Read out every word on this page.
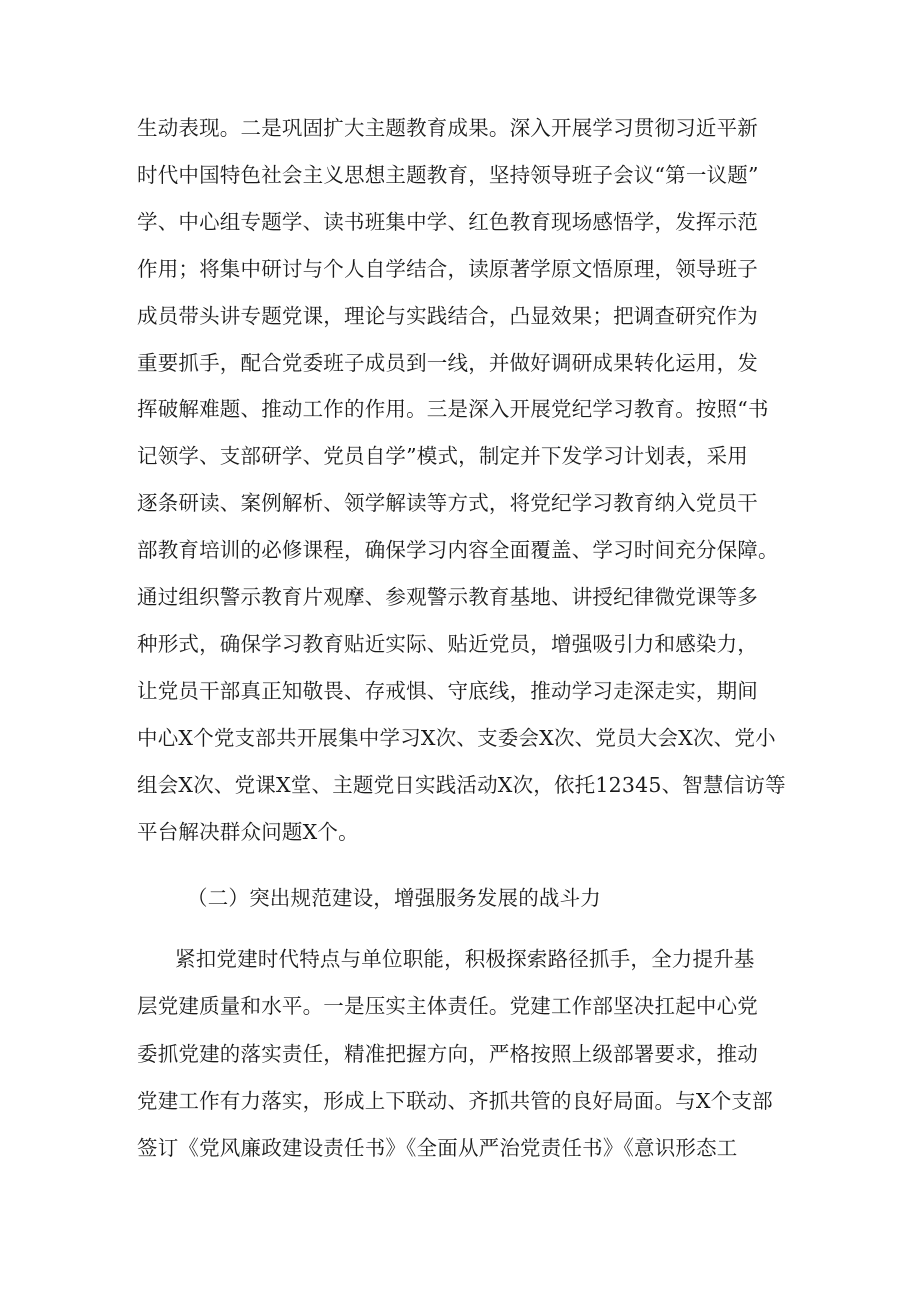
生动表现。二是巩固扩大主题教育成果。深入开展学习贯彻习近平新
时代中国特色社会主义思想主题教育，坚持领导班子会议“第一议题”
学、中心组专题学、读书班集中学、红色教育现场感悟学，发挥示范
作用；将集中研讨与个人自学结合，读原著学原文悟原理，领导班子
成员带头讲专题党课，理论与实践结合，凸显效果；把调查研究作为
重要抓手，配合党委班子成员到一线，并做好调研成果转化运用，发
挥破解难题、推动工作的作用。三是深入开展党纪学习教育。按照“书
记领学、支部研学、党员自学”模式，制定并下发学习计划表，采用
逐条研读、案例解析、领学解读等方式，将党纪学习教育纳入党员干
部教育培训的必修课程，确保学习内容全面覆盖、学习时间充分保障。
通过组织警示教育片观摩、参观警示教育基地、讲授纪律微党课等多
种形式，确保学习教育贴近实际、贴近党员，增强吸引力和感染力，
让党员干部真正知敬畏、存戒惧、守底线，推动学习走深走实，期间
中心X个党支部共开展集中学习X次、支委会X次、党员大会X次、党小
组会X次、党课X堂、主题党日实践活动X次，依托12345、智慧信访等
平台解决群众问题X个。
（二）突出规范建设，增强服务发展的战斗力
紧扣党建时代特点与单位职能，积极探索路径抓手，全力提升基
层党建质量和水平。一是压实主体责任。党建工作部坚决扛起中心党
委抓党建的落实责任，精准把握方向，严格按照上级部署要求，推动
党建工作有力落实，形成上下联动、齐抓共管的良好局面。与X个支部
签订《党风廉政建设责任书》《全面从严治党责任书》《意识形态工
